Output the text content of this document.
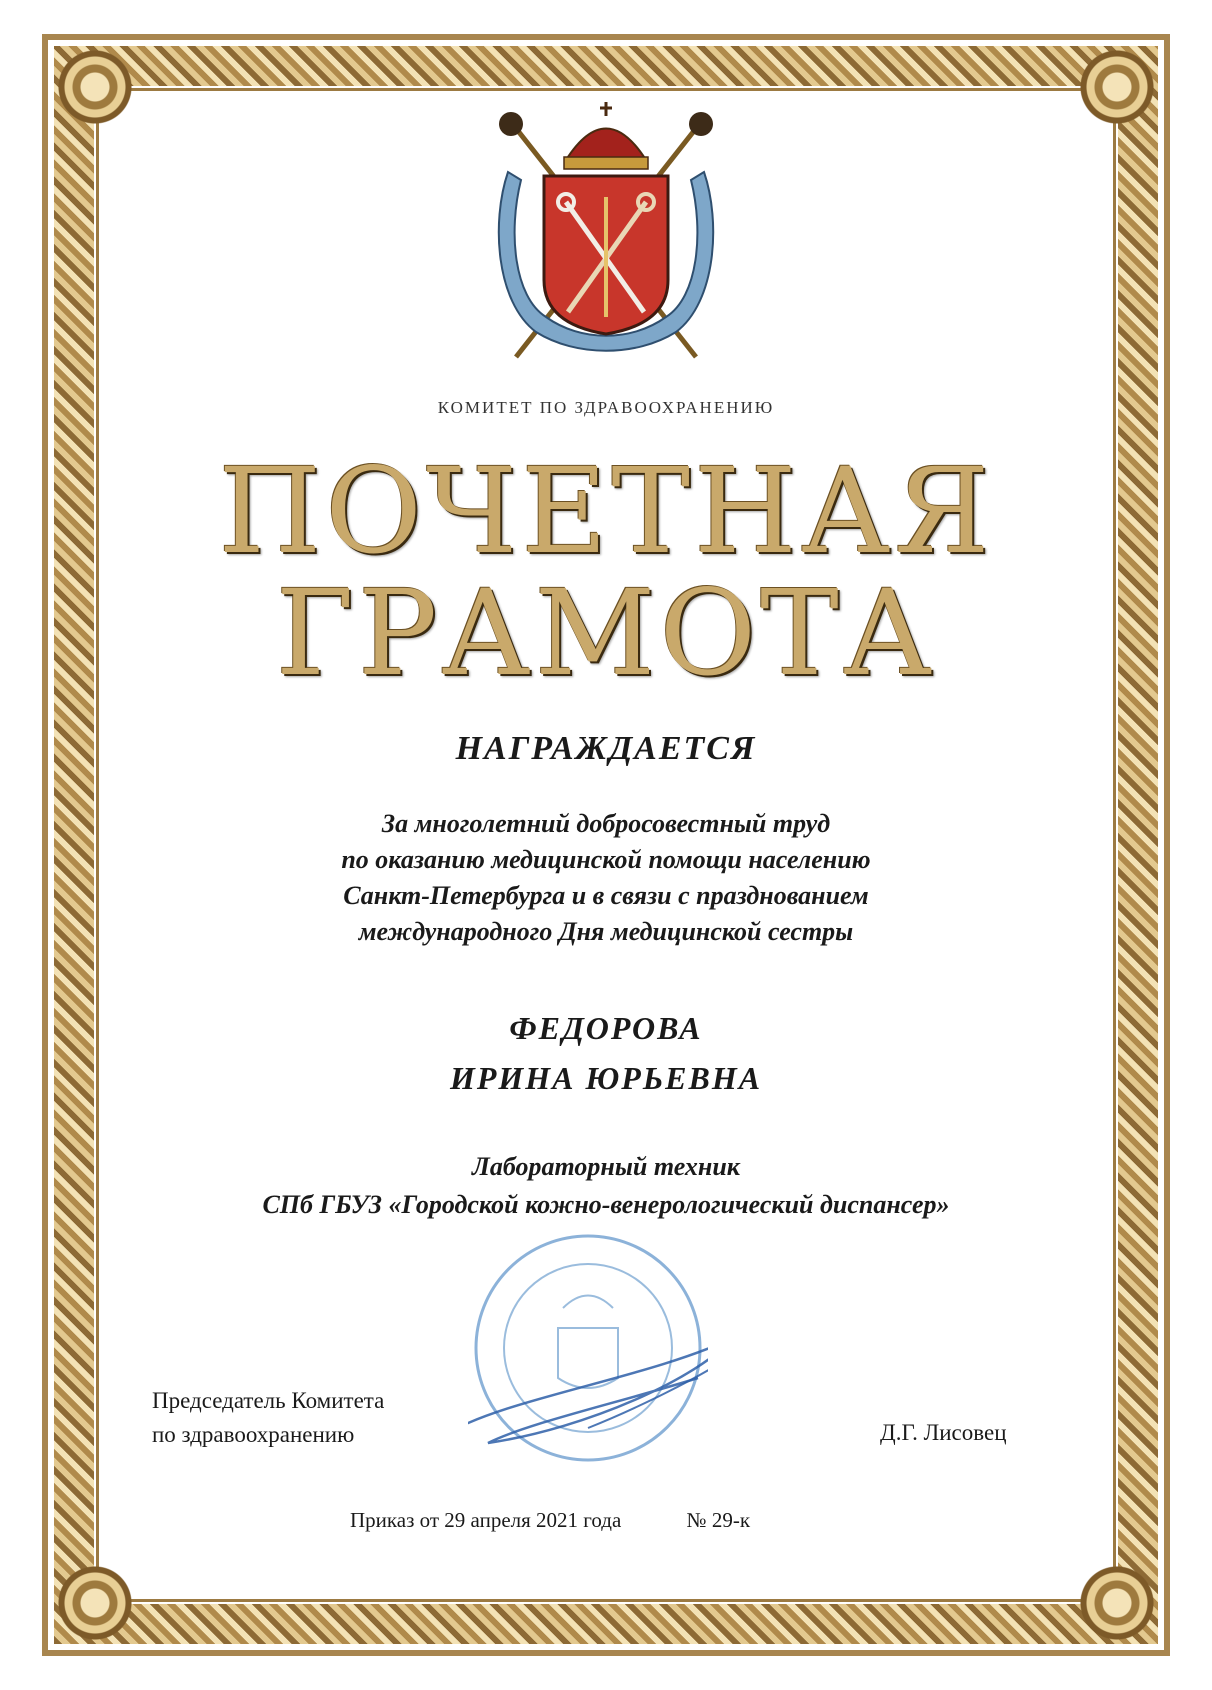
КОМИТЕТ ПО ЗДРАВООХРАНЕНИЮ
ПОЧЕТНАЯ
ГРАМОТА
НАГРАЖДАЕТСЯ
За многолетний добросовестный труд
по оказанию медицинской помощи населению
Санкт-Петербурга и в связи с празднованием
международного Дня медицинской сестры
ФЕДОРОВА
ИРИНА ЮРЬЕВНА
Лабораторный техник
СПб ГБУЗ «Городской кожно-венерологический диспансер»
Председатель Комитета
по здравоохранению	Д.Г. Лисовец
Приказ от 29 апреля 2021 года	№ 29-к
